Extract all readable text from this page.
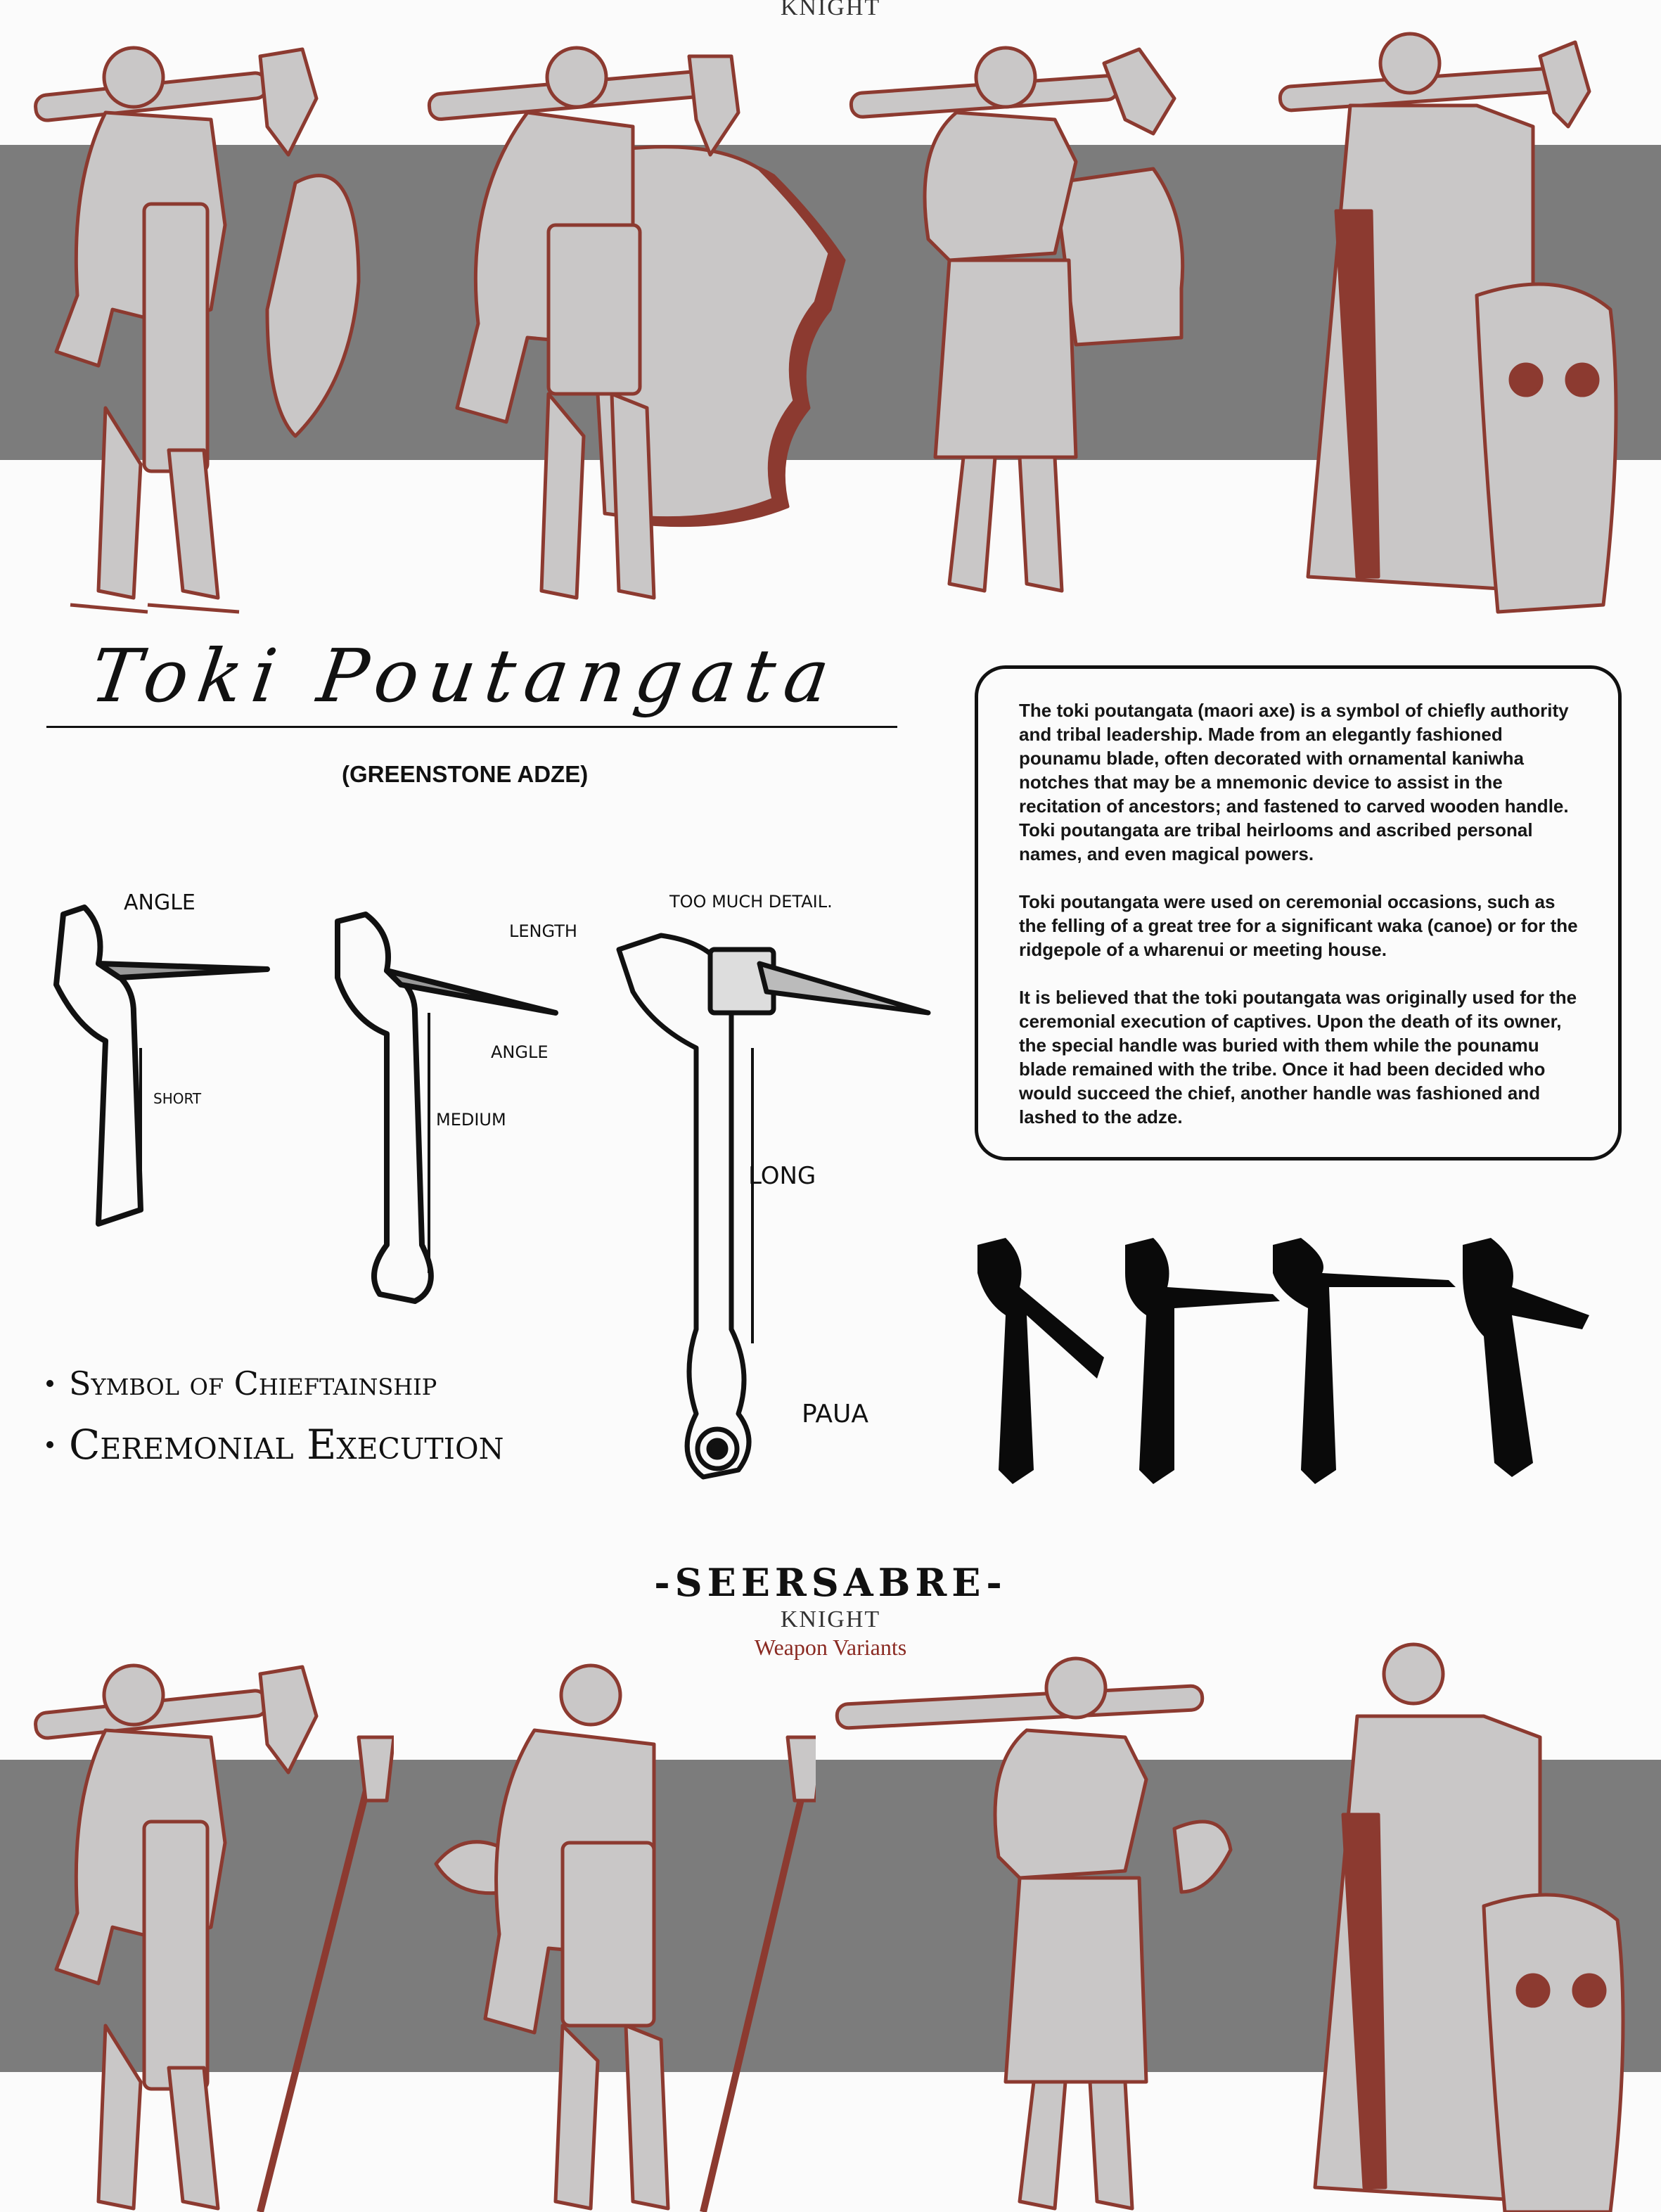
KNIGHT
Toki Poutangata
(GREENSTONE ADZE)

The toki poutangata (maori axe) is a symbol of chiefly authority and tribal leadership. Made from an elegantly fashioned pounamu blade, often decorated with ornamental kaniwha notches that may be a mnemonic device to assist in the recitation of ancestors; and fastened to carved wooden handle. Toki poutangata are tribal heirlooms and ascribed personal names, and even magical powers.

Toki poutangata were used on ceremonial occasions, such as the felling of a great tree for a significant waka (canoe) or for the ridgepole of a wharenui or meeting house.

It is believed that the toki poutangata was originally used for the ceremonial execution of captives. Upon the death of its owner, the special handle was buried with them while the pounamu blade remained with the tribe. Once it had been decided who would succeed the chief, another handle was fashioned and lashed to the adze.

ANGLE
SHORT
LENGTH
ANGLE
MEDIUM
TOO MUCH DETAIL.
LONG
PAUA
Symbol of Chieftainship
Ceremonial Execution
-SEERSABRE-
KNIGHT
Weapon Variants
